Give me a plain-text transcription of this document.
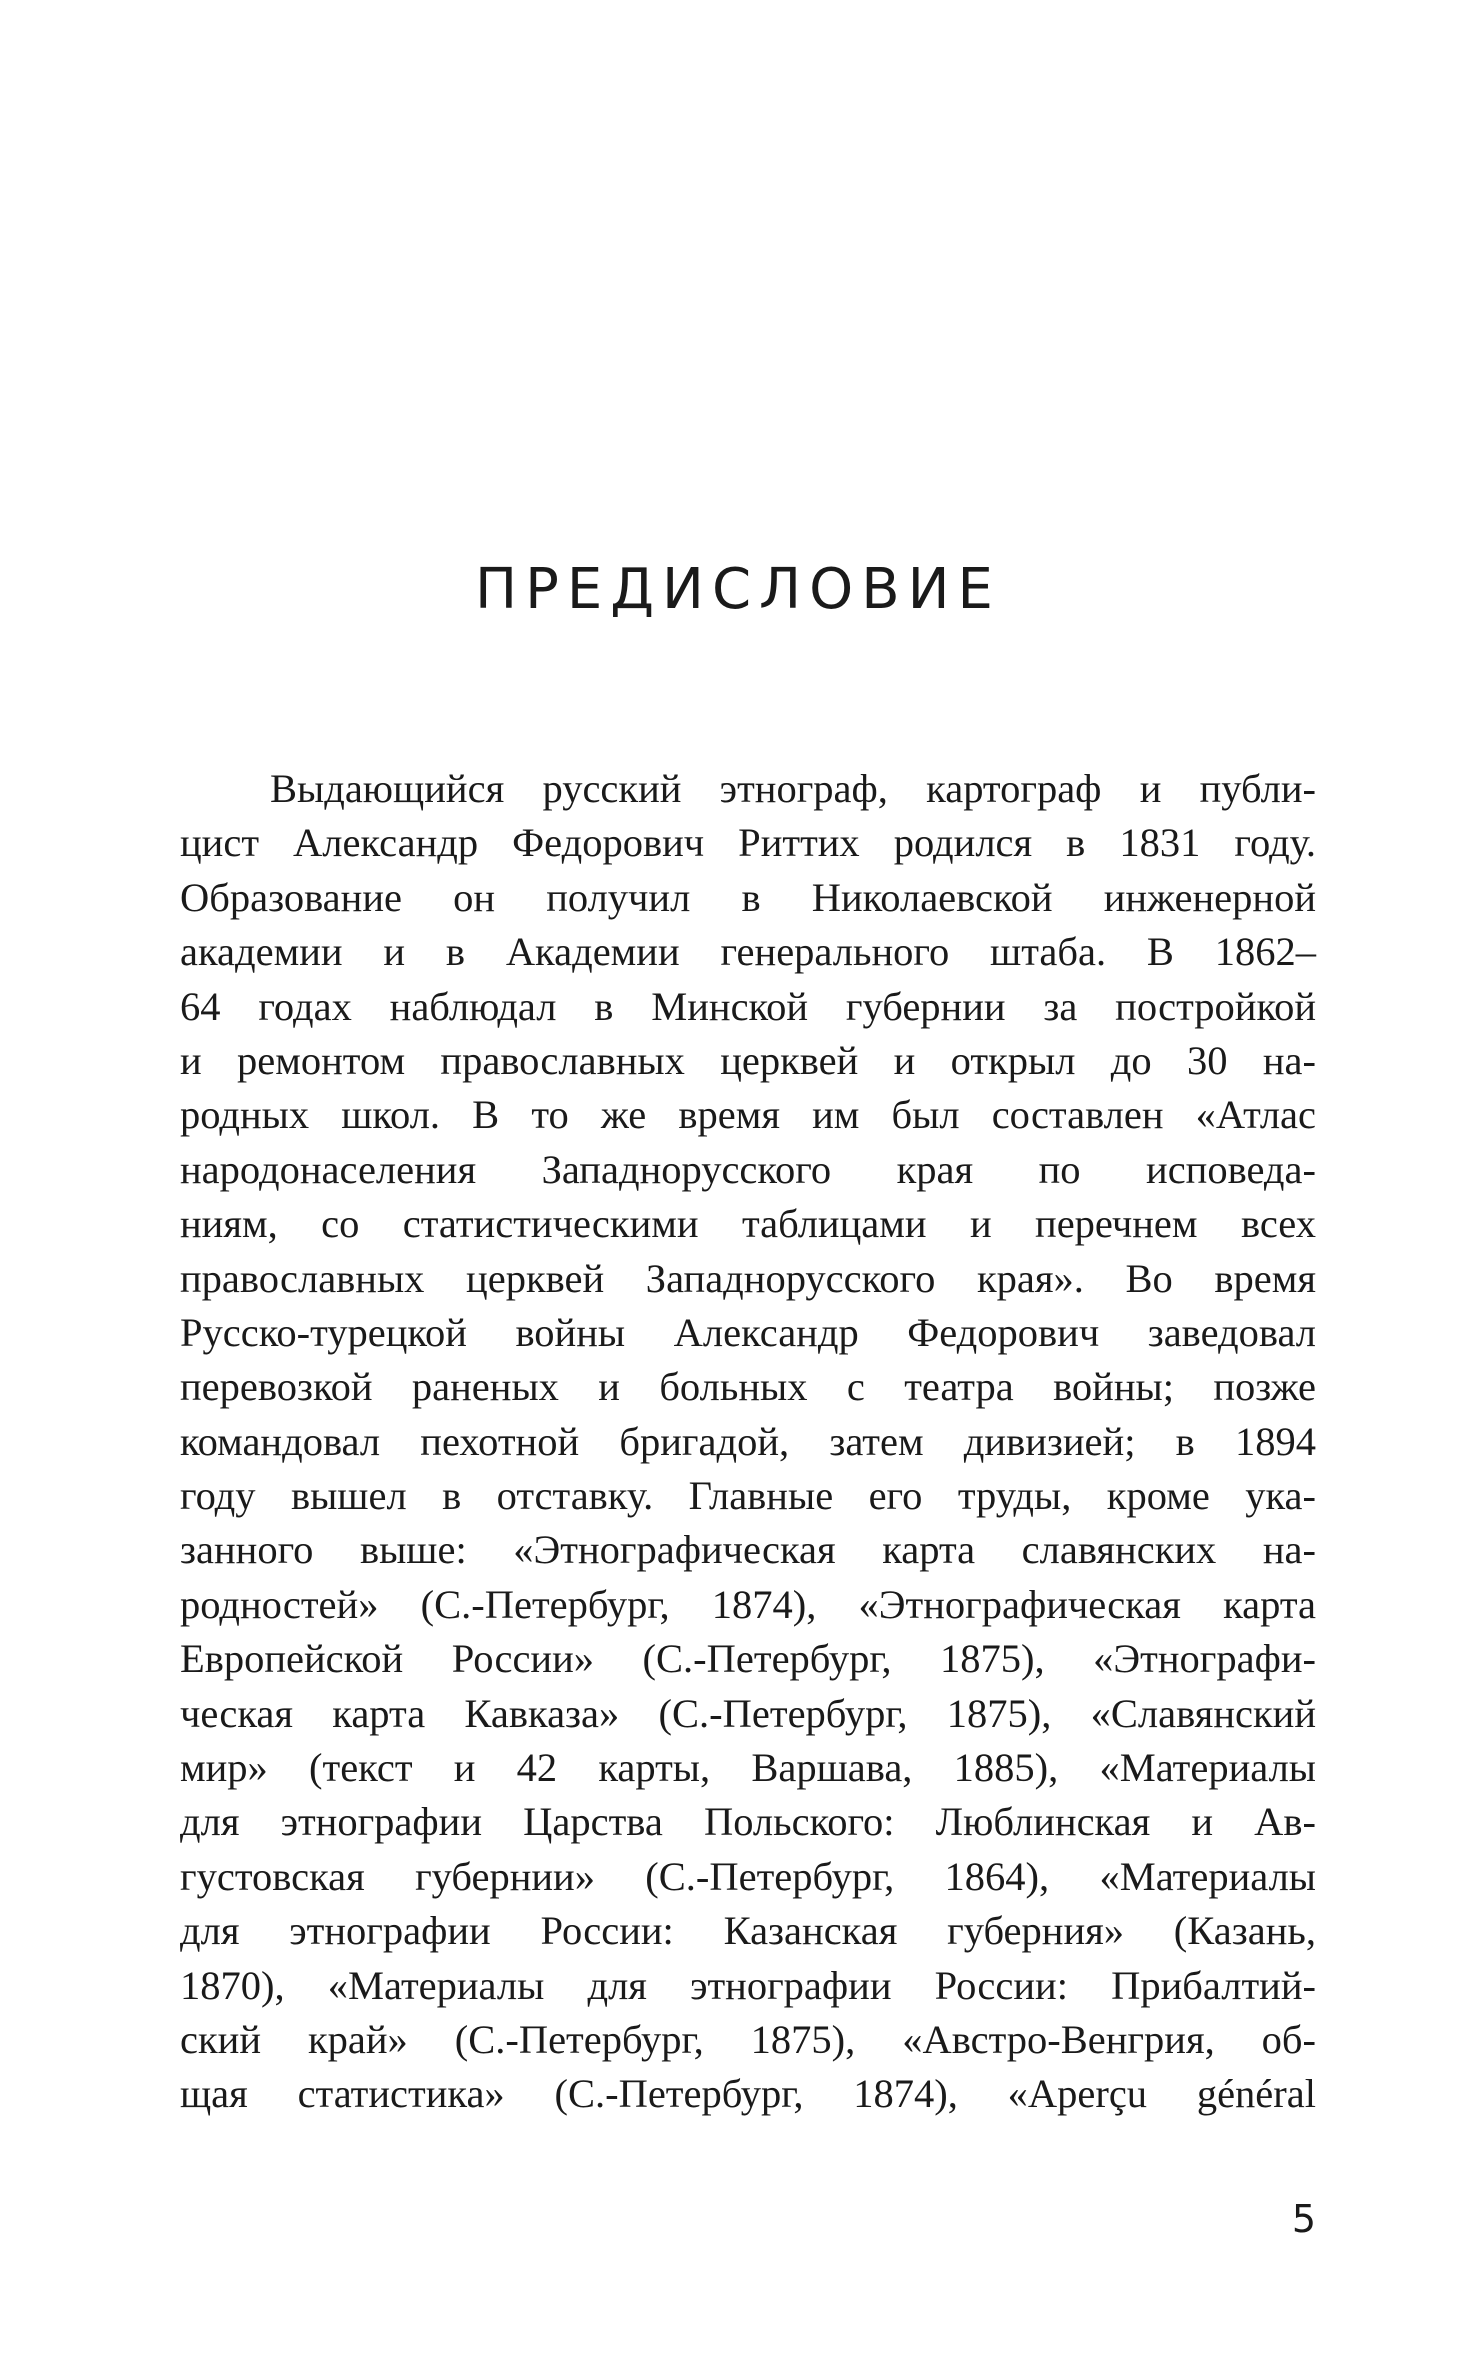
ПРЕДИСЛОВИЕ
Выдающийся русский этнограф, картограф и публи-
цист Александр Федорович Риттих родился в 1831 году.
Образование он получил в Николаевской инженерной
академии и в Академии генерального штаба. В 1862–
64 годах наблюдал в Минской губернии за постройкой
и ремонтом православных церквей и открыл до 30 на-
родных школ. В то же время им был составлен «Атлас
народонаселения Западнорусского края по исповеда-
ниям, со статистическими таблицами и перечнем всех
православных церквей Западнорусского края». Во время
Русско-турецкой войны Александр Федорович заведовал
перевозкой раненых и больных с театра войны; позже
командовал пехотной бригадой, затем дивизией; в 1894
году вышел в отставку. Главные его труды, кроме ука-
занного выше: «Этнографическая карта славянских на-
родностей» (С.-Петербург, 1874), «Этнографическая карта
Европейской России» (С.-Петербург, 1875), «Этнографи-
ческая карта Кавказа» (С.-Петербург, 1875), «Славянский
мир» (текст и 42 карты, Варшава, 1885), «Материалы
для этнографии Царства Польского: Люблинская и Ав-
густовская губернии» (С.-Петербург, 1864), «Материалы
для этнографии России: Казанская губерния» (Казань,
1870), «Материалы для этнографии России: Прибалтий-
ский край» (С.-Петербург, 1875), «Австро-Венгрия, об-
щая статистика» (С.-Петербург, 1874), «Aperçu général
5
